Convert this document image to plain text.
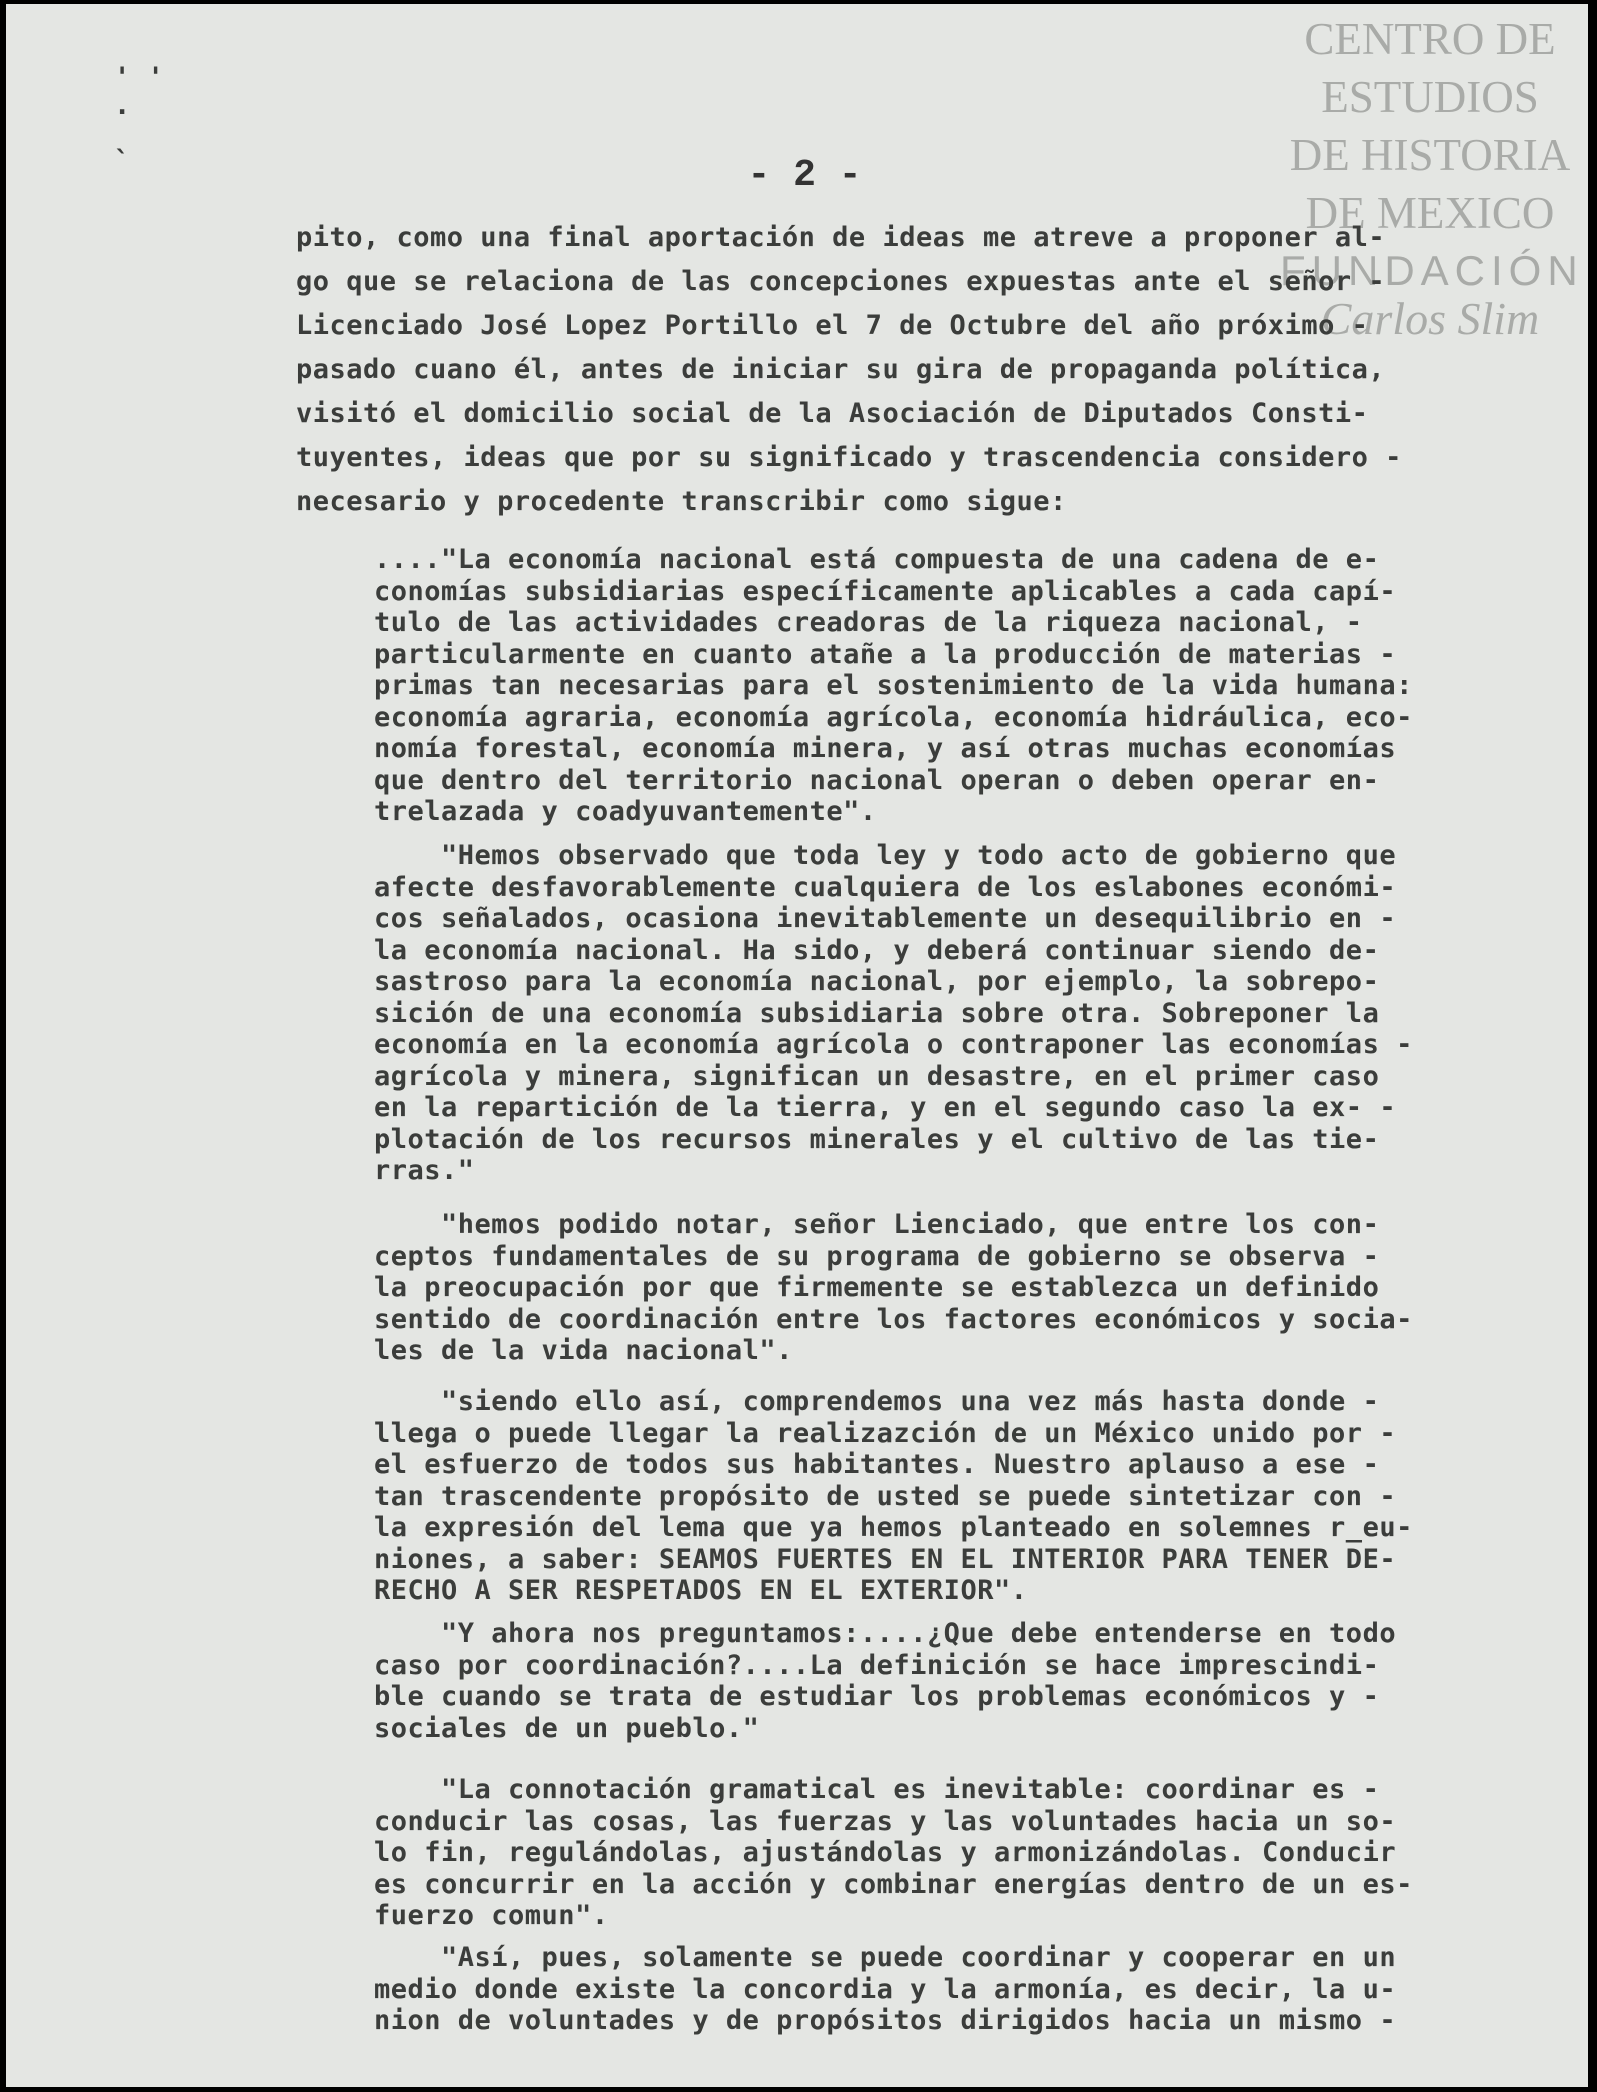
CENTRO DE
ESTUDIOS
DE HISTORIA
DE MEXICO
FUNDACIÓN
Carlos Slim
' '
.

`	- 2 -
pito, como una final aportación de ideas me atreve a proponer al-
go que se relaciona de las concepciones expuestas ante el señor -
Licenciado José Lopez Portillo el 7 de Octubre del año próximo -
pasado cuano él, antes de iniciar su gira de propaganda política,
visitó el domicilio social de la Asociación de Diputados Consti-
tuyentes, ideas que por su significado y trascendencia considero -
necesario y procedente transcribir como sigue:
...."La economía nacional está compuesta de una cadena de e-
conomías subsidiarias específicamente aplicables a cada capí-
tulo de las actividades creadoras de la riqueza nacional, -
particularmente en cuanto atañe a la producción de materias -
primas tan necesarias para el sostenimiento de la vida humana:
economía agraria, economía agrícola, economía hidráulica, eco-
nomía forestal, economía minera, y así otras muchas economías
que dentro del territorio nacional operan o deben operar en-
trelazada y coadyuvantemente".
"Hemos observado que toda ley y todo acto de gobierno que
afecte desfavorablemente cualquiera de los eslabones económi-
cos señalados, ocasiona inevitablemente un desequilibrio en -
la economía nacional. Ha sido, y deberá continuar siendo de-
sastroso para la economía nacional, por ejemplo, la sobrepo-
sición de una economía subsidiaria sobre otra. Sobreponer la
economía en la economía agrícola o contraponer las economías -
agrícola y minera, significan un desastre, en el primer caso
en la repartición de la tierra, y en el segundo caso la ex- -
plotación de los recursos minerales y el cultivo de las tie-
rras."
"hemos podido notar, señor Lienciado, que entre los con-
ceptos fundamentales de su programa de gobierno se observa -
la preocupación por que firmemente se establezca un definido
sentido de coordinación entre los factores económicos y socia-
les de la vida nacional".
"siendo ello así, comprendemos una vez más hasta donde -
llega o puede llegar la realizazción de un México unido por -
el esfuerzo de todos sus habitantes. Nuestro aplauso a ese -
tan trascendente propósito de usted se puede sintetizar con -
la expresión del lema que ya hemos planteado en solemnes r_eu-
niones, a saber: SEAMOS FUERTES EN EL INTERIOR PARA TENER DE-
RECHO A SER RESPETADOS EN EL EXTERIOR".
"Y ahora nos preguntamos:....¿Que debe entenderse en todo
caso por coordinación?....La definición se hace imprescindi-
ble cuando se trata de estudiar los problemas económicos y -
sociales de un pueblo."
"La connotación gramatical es inevitable: coordinar es -
conducir las cosas, las fuerzas y las voluntades hacia un so-
lo fin, regulándolas, ajustándolas y armonizándolas. Conducir
es concurrir en la acción y combinar energías dentro de un es-
fuerzo comun".
"Así, pues, solamente se puede coordinar y cooperar en un
medio donde existe la concordia y la armonía, es decir, la u-
nion de voluntades y de propósitos dirigidos hacia un mismo -
